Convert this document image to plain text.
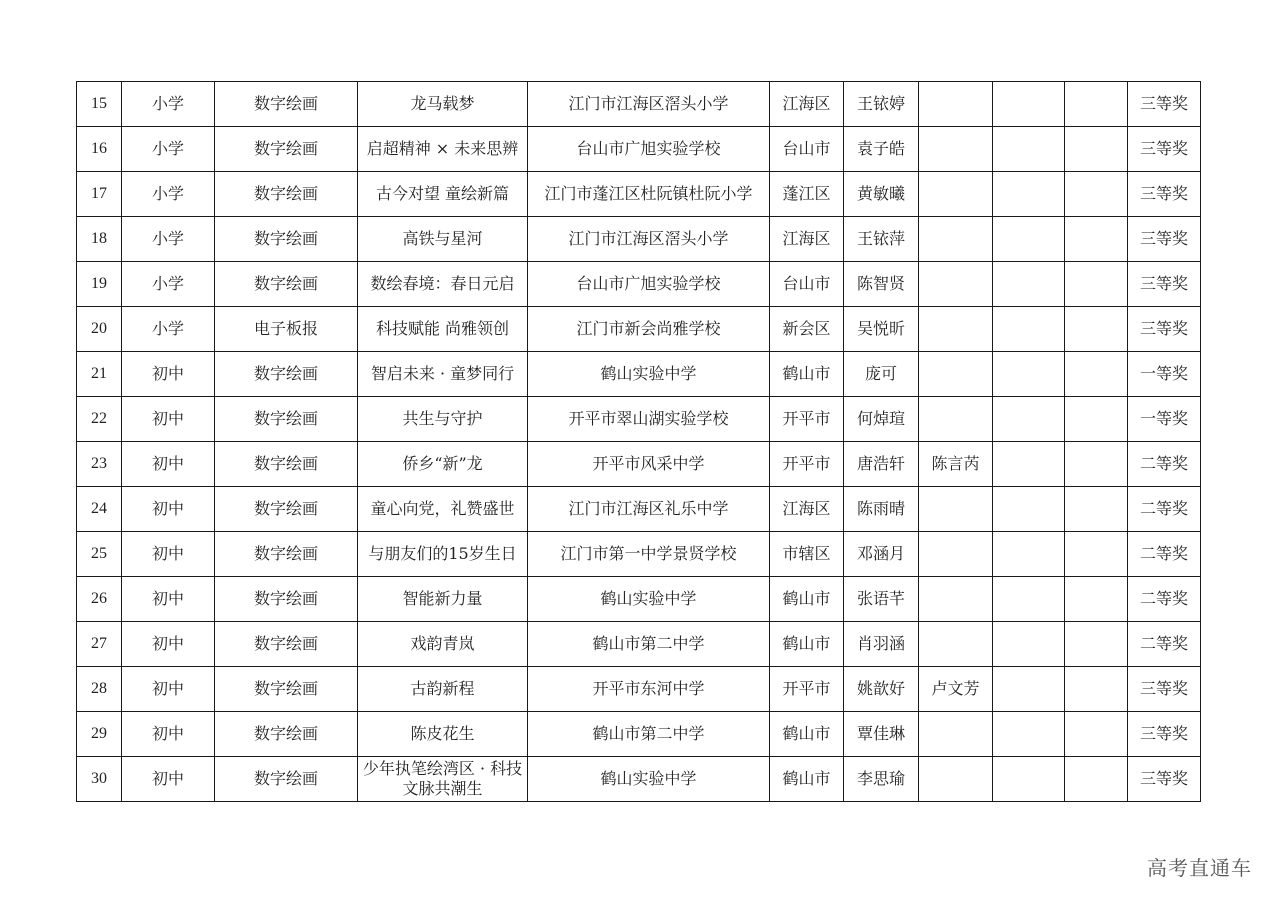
15	小学	数字绘画	龙马载梦	江门市江海区滘头小学	江海区	王铱婷				三等奖
16	小学	数字绘画	启超精神 × 未来思辨	台山市广旭实验学校	台山市	袁子皓				三等奖
17	小学	数字绘画	古今对望 童绘新篇	江门市蓬江区杜阮镇杜阮小学	蓬江区	黄敏曦				三等奖
18	小学	数字绘画	高铁与星河	江门市江海区滘头小学	江海区	王铱萍				三等奖
19	小学	数字绘画	数绘春境：春日元启	台山市广旭实验学校	台山市	陈智贤				三等奖
20	小学	电子板报	科技赋能 尚雅领创	江门市新会尚雅学校	新会区	吴悦昕				三等奖
21	初中	数字绘画	智启未来 · 童梦同行	鹤山实验中学	鹤山市	庞可				一等奖
22	初中	数字绘画	共生与守护	开平市翠山湖实验学校	开平市	何焯瑄				一等奖
23	初中	数字绘画	侨乡“新”龙	开平市风采中学	开平市	唐浩轩	陈言芮			二等奖
24	初中	数字绘画	童心向党，礼赞盛世	江门市江海区礼乐中学	江海区	陈雨晴				二等奖
25	初中	数字绘画	与朋友们的15岁生日	江门市第一中学景贤学校	市辖区	邓涵月				二等奖
26	初中	数字绘画	智能新力量	鹤山实验中学	鹤山市	张语芊				二等奖
27	初中	数字绘画	戏韵青岚	鹤山市第二中学	鹤山市	肖羽涵				二等奖
28	初中	数字绘画	古韵新程	开平市东河中学	开平市	姚歆好	卢文芳			三等奖
29	初中	数字绘画	陈皮花生	鹤山市第二中学	鹤山市	覃佳琳				三等奖
30	初中	数字绘画	少年执笔绘湾区 · 科技文脉共潮生	鹤山实验中学	鹤山市	李思瑜				三等奖
高考直通车
